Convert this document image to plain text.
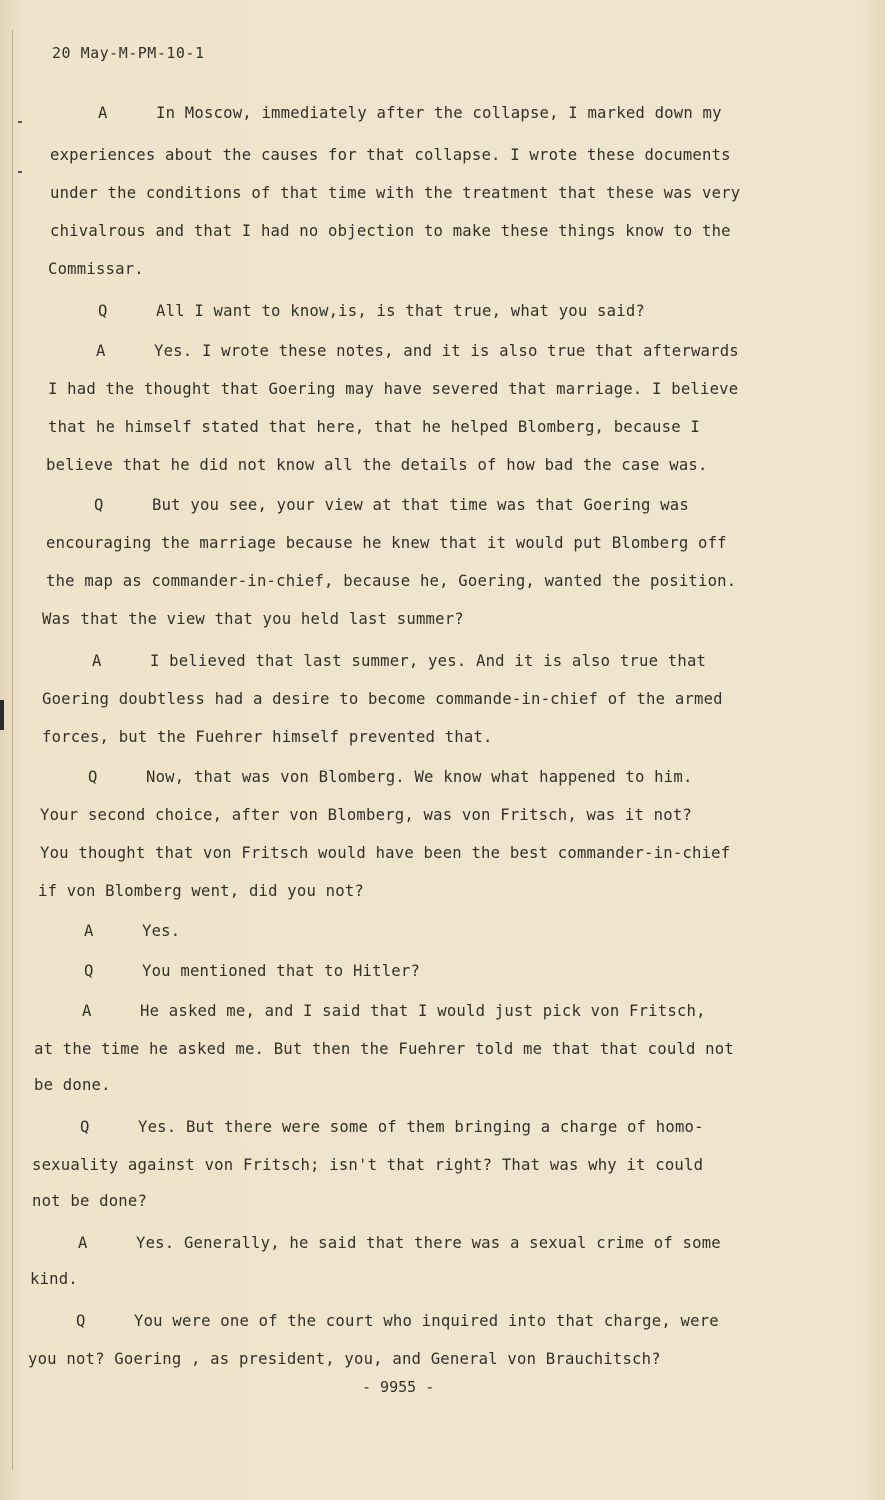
20 May-M-PM-10-1
A	In Moscow, immediately after the collapse, I marked down my
experiences about the causes for that collapse. I wrote these documents
under the conditions of that time with the treatment that these was very
chivalrous and that I had no objection to make these things know to the
Commissar.
Q	All I want to know,is, is that true, what you said?
A	Yes. I wrote these notes, and it is also true that afterwards
I had the thought that Goering may have severed that marriage. I believe
that he himself stated that here, that he helped Blomberg, because I
believe that he did not know all the details of how bad the case was.
Q	But you see, your view at that time was that Goering was
encouraging the marriage because he knew that it would put Blomberg off
the map as commander-in-chief, because he, Goering, wanted the position.
Was that the view that you held last summer?
A	I believed that last summer, yes. And it is also true that
Goering doubtless had a desire to become commande-in-chief of the armed
forces, but the Fuehrer himself prevented that.
Q	Now, that was von Blomberg. We know what happened to him.
Your second choice, after von Blomberg, was von Fritsch, was it not?
You thought that von Fritsch would have been the best commander-in-chief
if von Blomberg went, did you not?
A	Yes.
Q	You mentioned that to Hitler?
A	He asked me, and I said that I would just pick von Fritsch,
at the time he asked me. But then the Fuehrer told me that that could not
be done.
Q	Yes. But there were some of them bringing a charge of homo-
sexuality against von Fritsch; isn't that right? That was why it could
not be done?
A	Yes. Generally, he said that there was a sexual crime of some
kind.
Q	You were one of the court who inquired into that charge, were
you not? Goering , as president, you, and General von Brauchitsch?
- 9955 -
